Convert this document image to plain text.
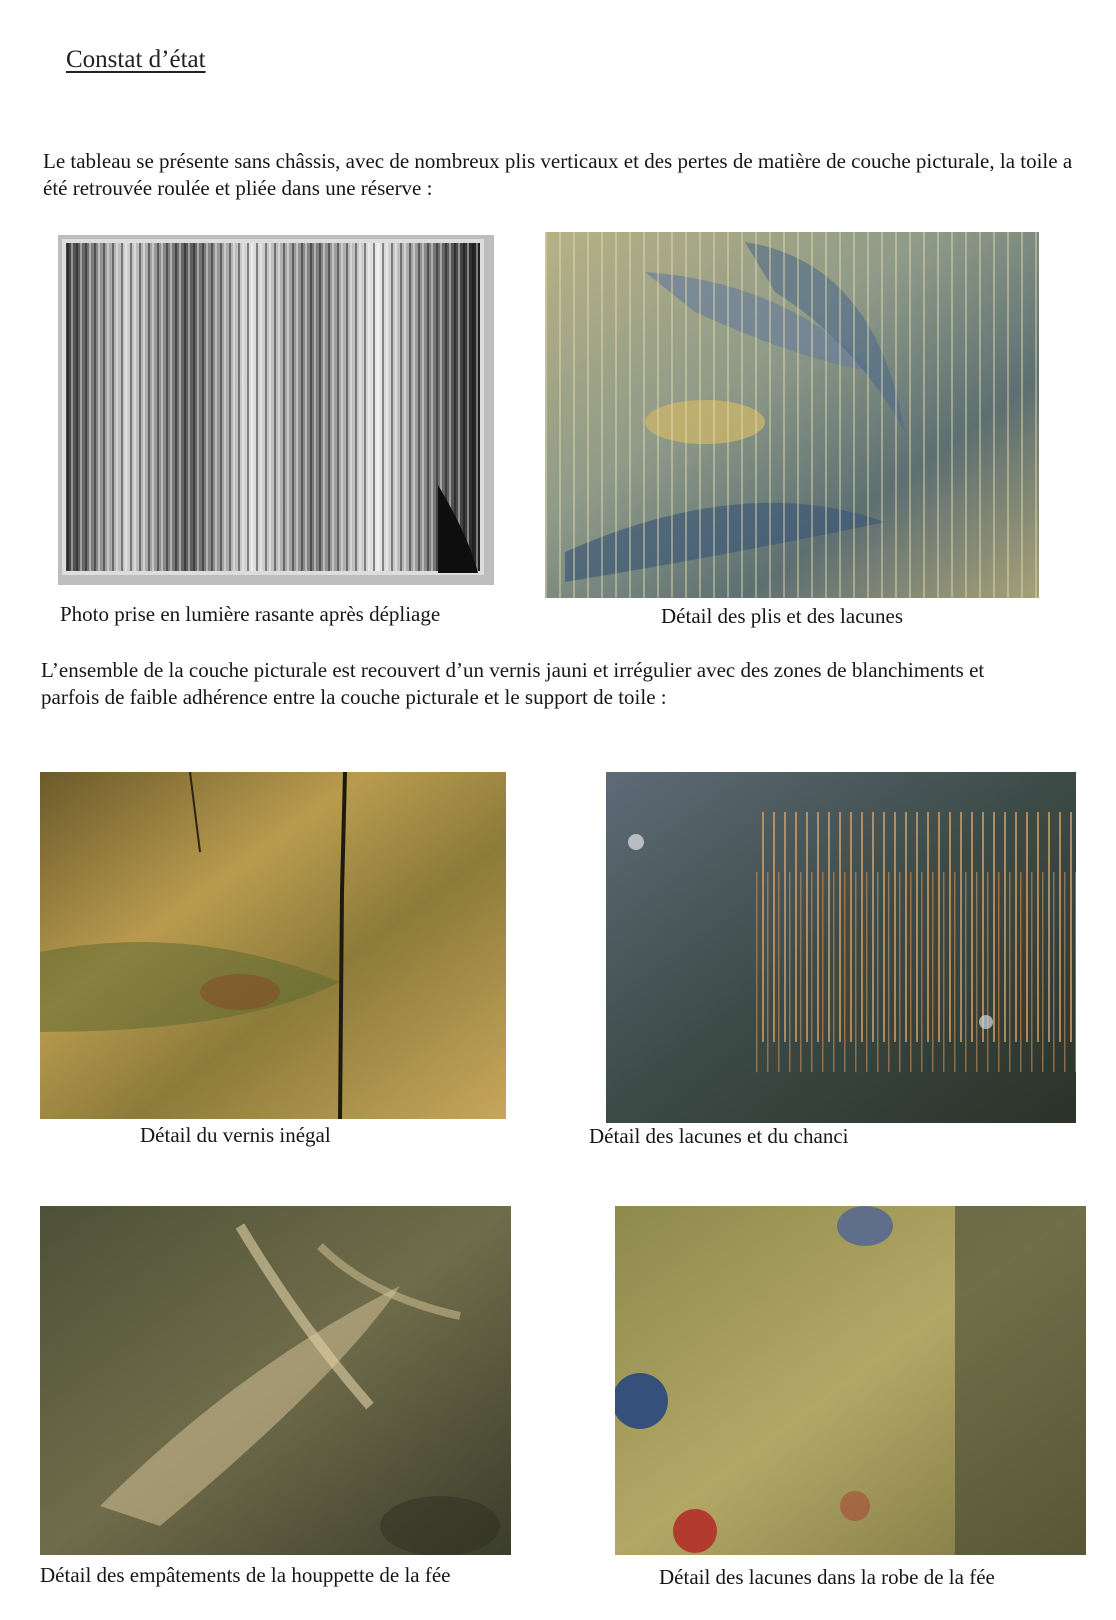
Constat d’état
Le tableau se présente sans châssis, avec de nombreux plis verticaux et des pertes de matière de couche picturale, la toile a été retrouvée roulée et pliée dans une réserve :
Photo prise en lumière rasante après dépliage	Détail des plis et des lacunes
L’ensemble de la couche picturale est recouvert d’un vernis jauni et irrégulier avec des zones de blanchiments et parfois de faible adhérence entre la couche picturale et le support de toile :
Détail du vernis inégal	Détail des lacunes et du chanci
Détail des empâtements de la houppette de la fée	Détail des lacunes dans la robe de la fée
